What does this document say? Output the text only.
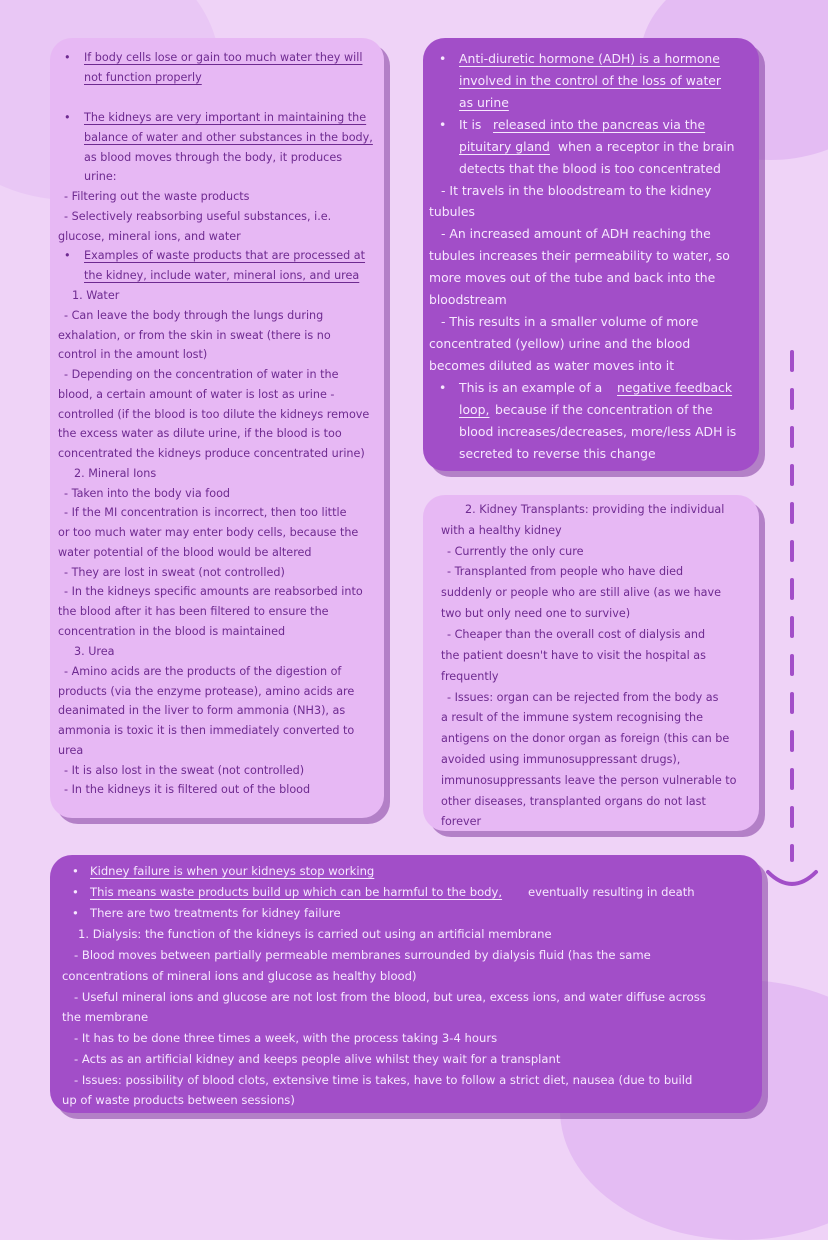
• If body cells lose or gain too much water they will
not function properly
• The kidneys are very important in maintaining the
balance of water and other substances in the body,
as blood moves through the body, it produces
urine:
- Filtering out the waste products
- Selectively reabsorbing useful substances, i.e.
glucose, mineral ions, and water
• Examples of waste products that are processed at
the kidney, include water, mineral ions, and urea
1. Water
- Can leave the body through the lungs during
exhalation, or from the skin in sweat (there is no
control in the amount lost)
- Depending on the concentration of water in the
blood, a certain amount of water is lost as urine -
controlled (if the blood is too dilute the kidneys remove
the excess water as dilute urine, if the blood is too
concentrated the kidneys produce concentrated urine)
2. Mineral Ions
- Taken into the body via food
- If the MI concentration is incorrect, then too little
or too much water may enter body cells, because the
water potential of the blood would be altered
- They are lost in sweat (not controlled)
- In the kidneys specific amounts are reabsorbed into
the blood after it has been filtered to ensure the
concentration in the blood is maintained
3. Urea
- Amino acids are the products of the digestion of
products (via the enzyme protease), amino acids are
deanimated in the liver to form ammonia (NH3), as
ammonia is toxic it is then immediately converted to
urea
- It is also lost in the sweat (not controlled)
- In the kidneys it is filtered out of the blood
• Anti-diuretic hormone (ADH) is a hormone
involved in the control of the loss of water
as urine
• It is released into the pancreas via the
pituitary gland when a receptor in the brain
detects that the blood is too concentrated
- It travels in the bloodstream to the kidney
tubules
- An increased amount of ADH reaching the
tubules increases their permeability to water, so
more moves out of the tube and back into the
bloodstream
- This results in a smaller volume of more
concentrated (yellow) urine and the blood
becomes diluted as water moves into it
• This is an example of a negative feedback
loop, because if the concentration of the
blood increases/decreases, more/less ADH is
secreted to reverse this change
2. Kidney Transplants: providing the individual
with a healthy kidney
- Currently the only cure
- Transplanted from people who have died
suddenly or people who are still alive (as we have
two but only need one to survive)
- Cheaper than the overall cost of dialysis and
the patient doesn't have to visit the hospital as
frequently
- Issues: organ can be rejected from the body as
a result of the immune system recognising the
antigens on the donor organ as foreign (this can be
avoided using immunosuppressant drugs),
immunosuppressants leave the person vulnerable to
other diseases, transplanted organs do not last
forever
• Kidney failure is when your kidneys stop working
• This means waste products build up which can be harmful to the body, eventually resulting in death
• There are two treatments for kidney failure
1. Dialysis: the function of the kidneys is carried out using an artificial membrane
- Blood moves between partially permeable membranes surrounded by dialysis fluid (has the same
concentrations of mineral ions and glucose as healthy blood)
- Useful mineral ions and glucose are not lost from the blood, but urea, excess ions, and water diffuse across
the membrane
- It has to be done three times a week, with the process taking 3-4 hours
- Acts as an artificial kidney and keeps people alive whilst they wait for a transplant
- Issues: possibility of blood clots, extensive time is takes, have to follow a strict diet, nausea (due to build
up of waste products between sessions)
